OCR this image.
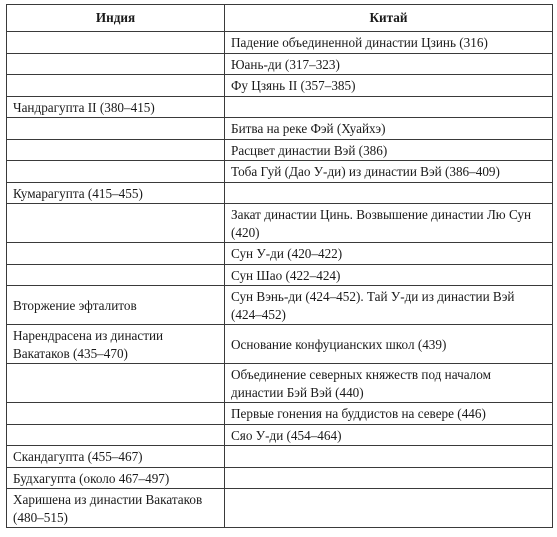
Индия	Китай
	Падение объединенной династии Цзинь (316)
	Юань-ди (317–323)
	Фу Цзянь II (357–385)
Чандрагупта II (380–415)	
	Битва на реке Фэй (Хуайхэ)
	Расцвет династии Вэй (386)
	Тоба Гуй (Дао У-ди) из династии Вэй (386–409)
Кумарагупта (415–455)	
	Закат династии Цинь. Возвышение династии Лю Сун (420)
	Сун У-ди (420–422)
	Сун Шао (422–424)
Вторжение эфталитов	Сун Вэнь-ди (424–452). Тай У-ди из династии Вэй (424–452)
Нарендрасена из династии Вакатаков (435–470)	Основание конфуцианских школ (439)
	Объединение северных княжеств под началом династии Бэй Вэй (440)
	Первые гонения на буддистов на севере (446)
	Сяо У-ди (454–464)
Скандагупта (455–467)	
Будхагупта (около 467–497)	
Харишена из династии Вакатаков (480–515)	
